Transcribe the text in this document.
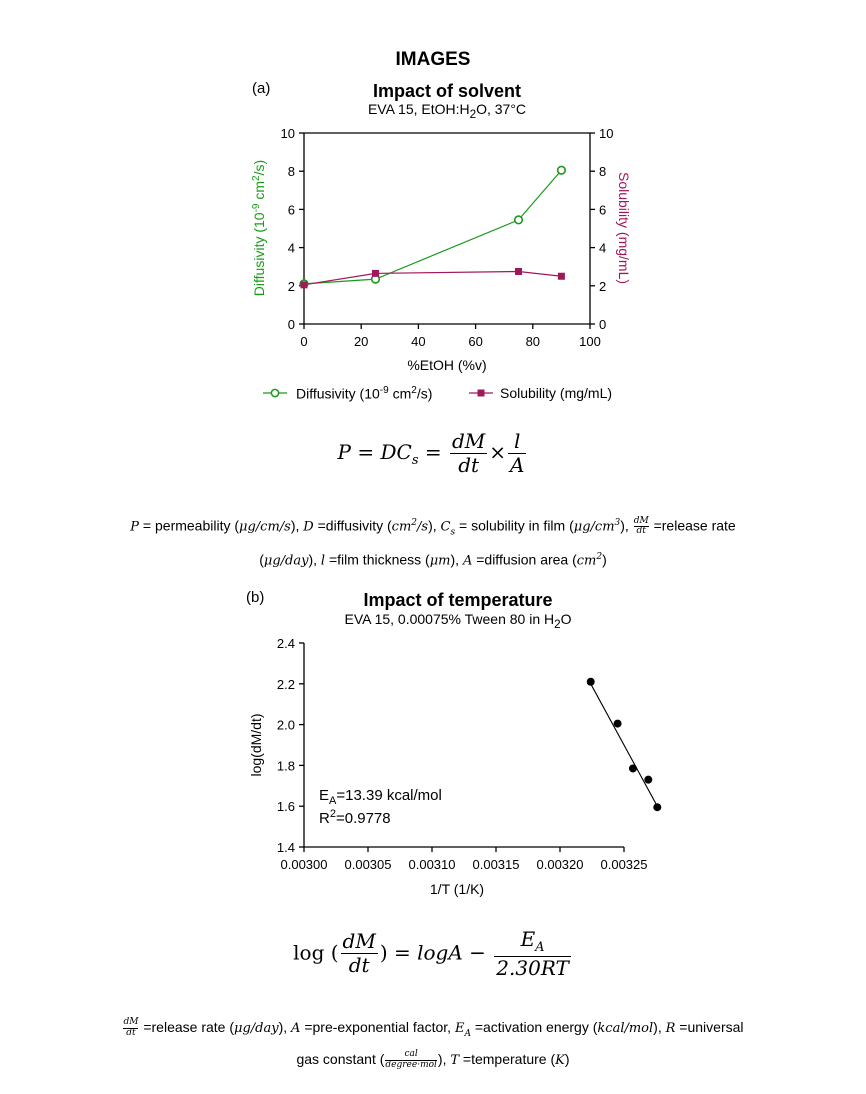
IMAGES
(a)	Impact of solvent
EVA 15, $EtOH:H_2O$, 37°C
0	20	40	60	80	100
0
2
4
6
8
10
0
2
4
6
8
10
Diffusivity ($10^{-9}$ $cm^2/s$)
Solubility (mg/mL)
%EtOH (%v)
Diffusivity ($10^{-9}$ $cm^2/s$)	Solubility (mg/mL)
$P = DC_s = \frac{dM}{dt} \times \frac{l}{A}$
P = permeability (μg/cm/s), D =diffusivity $(cm^2/s)$, $C_s$ = solubility in film $(\mu g/cm^3)$, $\frac{dM}{dt}$ =release rate
(μg/day), l =film thickness (μm), A =diffusion area $(cm^2)$
(b)	Impact of temperature
EVA 15, 0.00075% Tween 80 in $H_2O$
0.00300 0.00305 0.00310 0.00315 0.00320 0.00325
1.4
1.6
1.8
2.0
2.2
2.4
log(dM/dt)
1/T (1/K)
$E_A=13.39$ kcal/mol
$R^2=0.9778$
log ( $\frac{dM}{dt}$ ) = $\log A - \frac{E_A}{2.30RT}$
$\frac{dM}{dt}$ =release rate (μg/day), A =pre-exponential factor, $E_A$ =activation energy (kcal/mol), R =universal
gas constant (	cal
degree·mol ), T =temperature (K)
